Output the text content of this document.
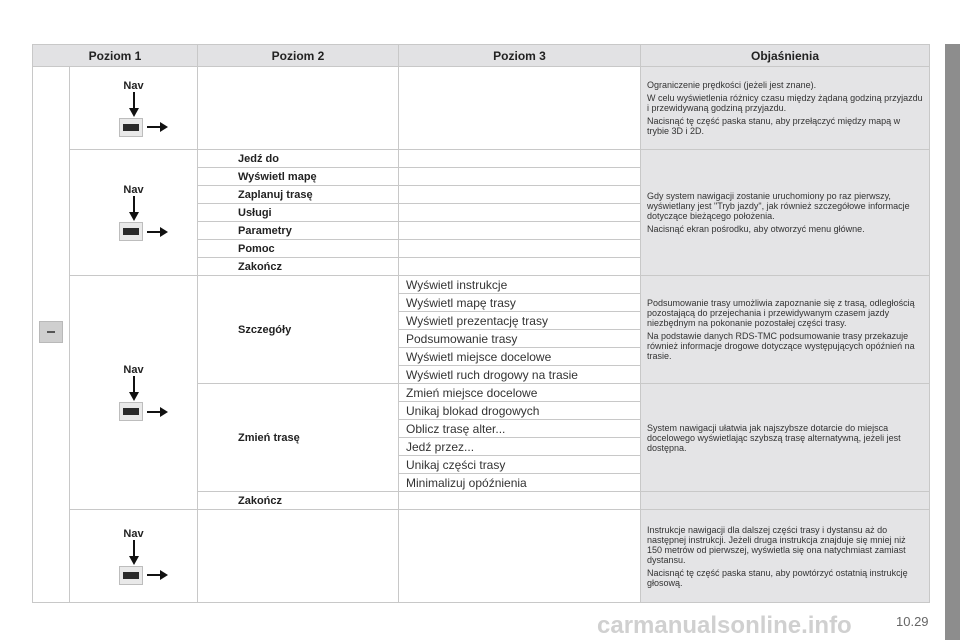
Poziom 1		Poziom 2	Poziom 3	Objaśnienia

	Nav			Ograniczenie prędkości (jeżeli jest znane).

W celu wyświetlenia różnicy czasu między żądaną godziną przyjazdu i przewidywaną godziną przyjazdu.

Nacisnąć tę część paska stanu, aby przełączyć między mapą w trybie 3D i 2D.

	Nav	Jedź do		Gdy system nawigacji zostanie uruchomiony po raz pierwszy, wyświetlany jest "Tryb jazdy", jak również szczegółowe informacje dotyczące bieżącego położenia.

Nacisnąć ekran pośrodku, aby otworzyć menu główne.

		Wyświetl mapę		
		Zaplanuj trasę		
		Usługi		
		Parametry		
		Pomoc		
		Zakończ		

	Nav	Szczegóły	Wyświetl instrukcje	Podsumowanie trasy umożliwia zapoznanie się z trasą, odległością pozostającą do przejechania i przewidywanym czasem jazdy niezbędnym na pokonanie pozostałej części trasy.

Na podstawie danych RDS-TMC podsumowanie trasy przekazuje również informacje drogowe dotyczące występujących opóźnień na trasie.

			Wyświetl mapę trasy	
			Wyświetl prezentację trasy	
			Podsumowanie trasy	
			Wyświetl miejsce docelowe	
			Wyświetl ruch drogowy na trasie	
		Zmień trasę	Zmień miejsce docelowe	System nawigacji ułatwia jak najszybsze dotarcie do miejsca docelowego wyświetlając szybszą trasę alternatywną, jeżeli jest dostępna.

			Unikaj blokad drogowych	
			Oblicz trasę alter...	
			Jedź przez...	
			Unikaj części trasy	
			Minimalizuj opóźnienia	
		Zakończ		

	Nav			Instrukcje nawigacji dla dalszej części trasy i dystansu aż do następnej instrukcji. Jeżeli druga instrukcja znajduje się mniej niż 150 metrów od pierwszej, wyświetla się ona natychmiast zamiast dystansu.

Nacisnąć tę część paska stanu, aby powtórzyć ostatnią instrukcję głosową.

carmanualsonline.info	10.29
